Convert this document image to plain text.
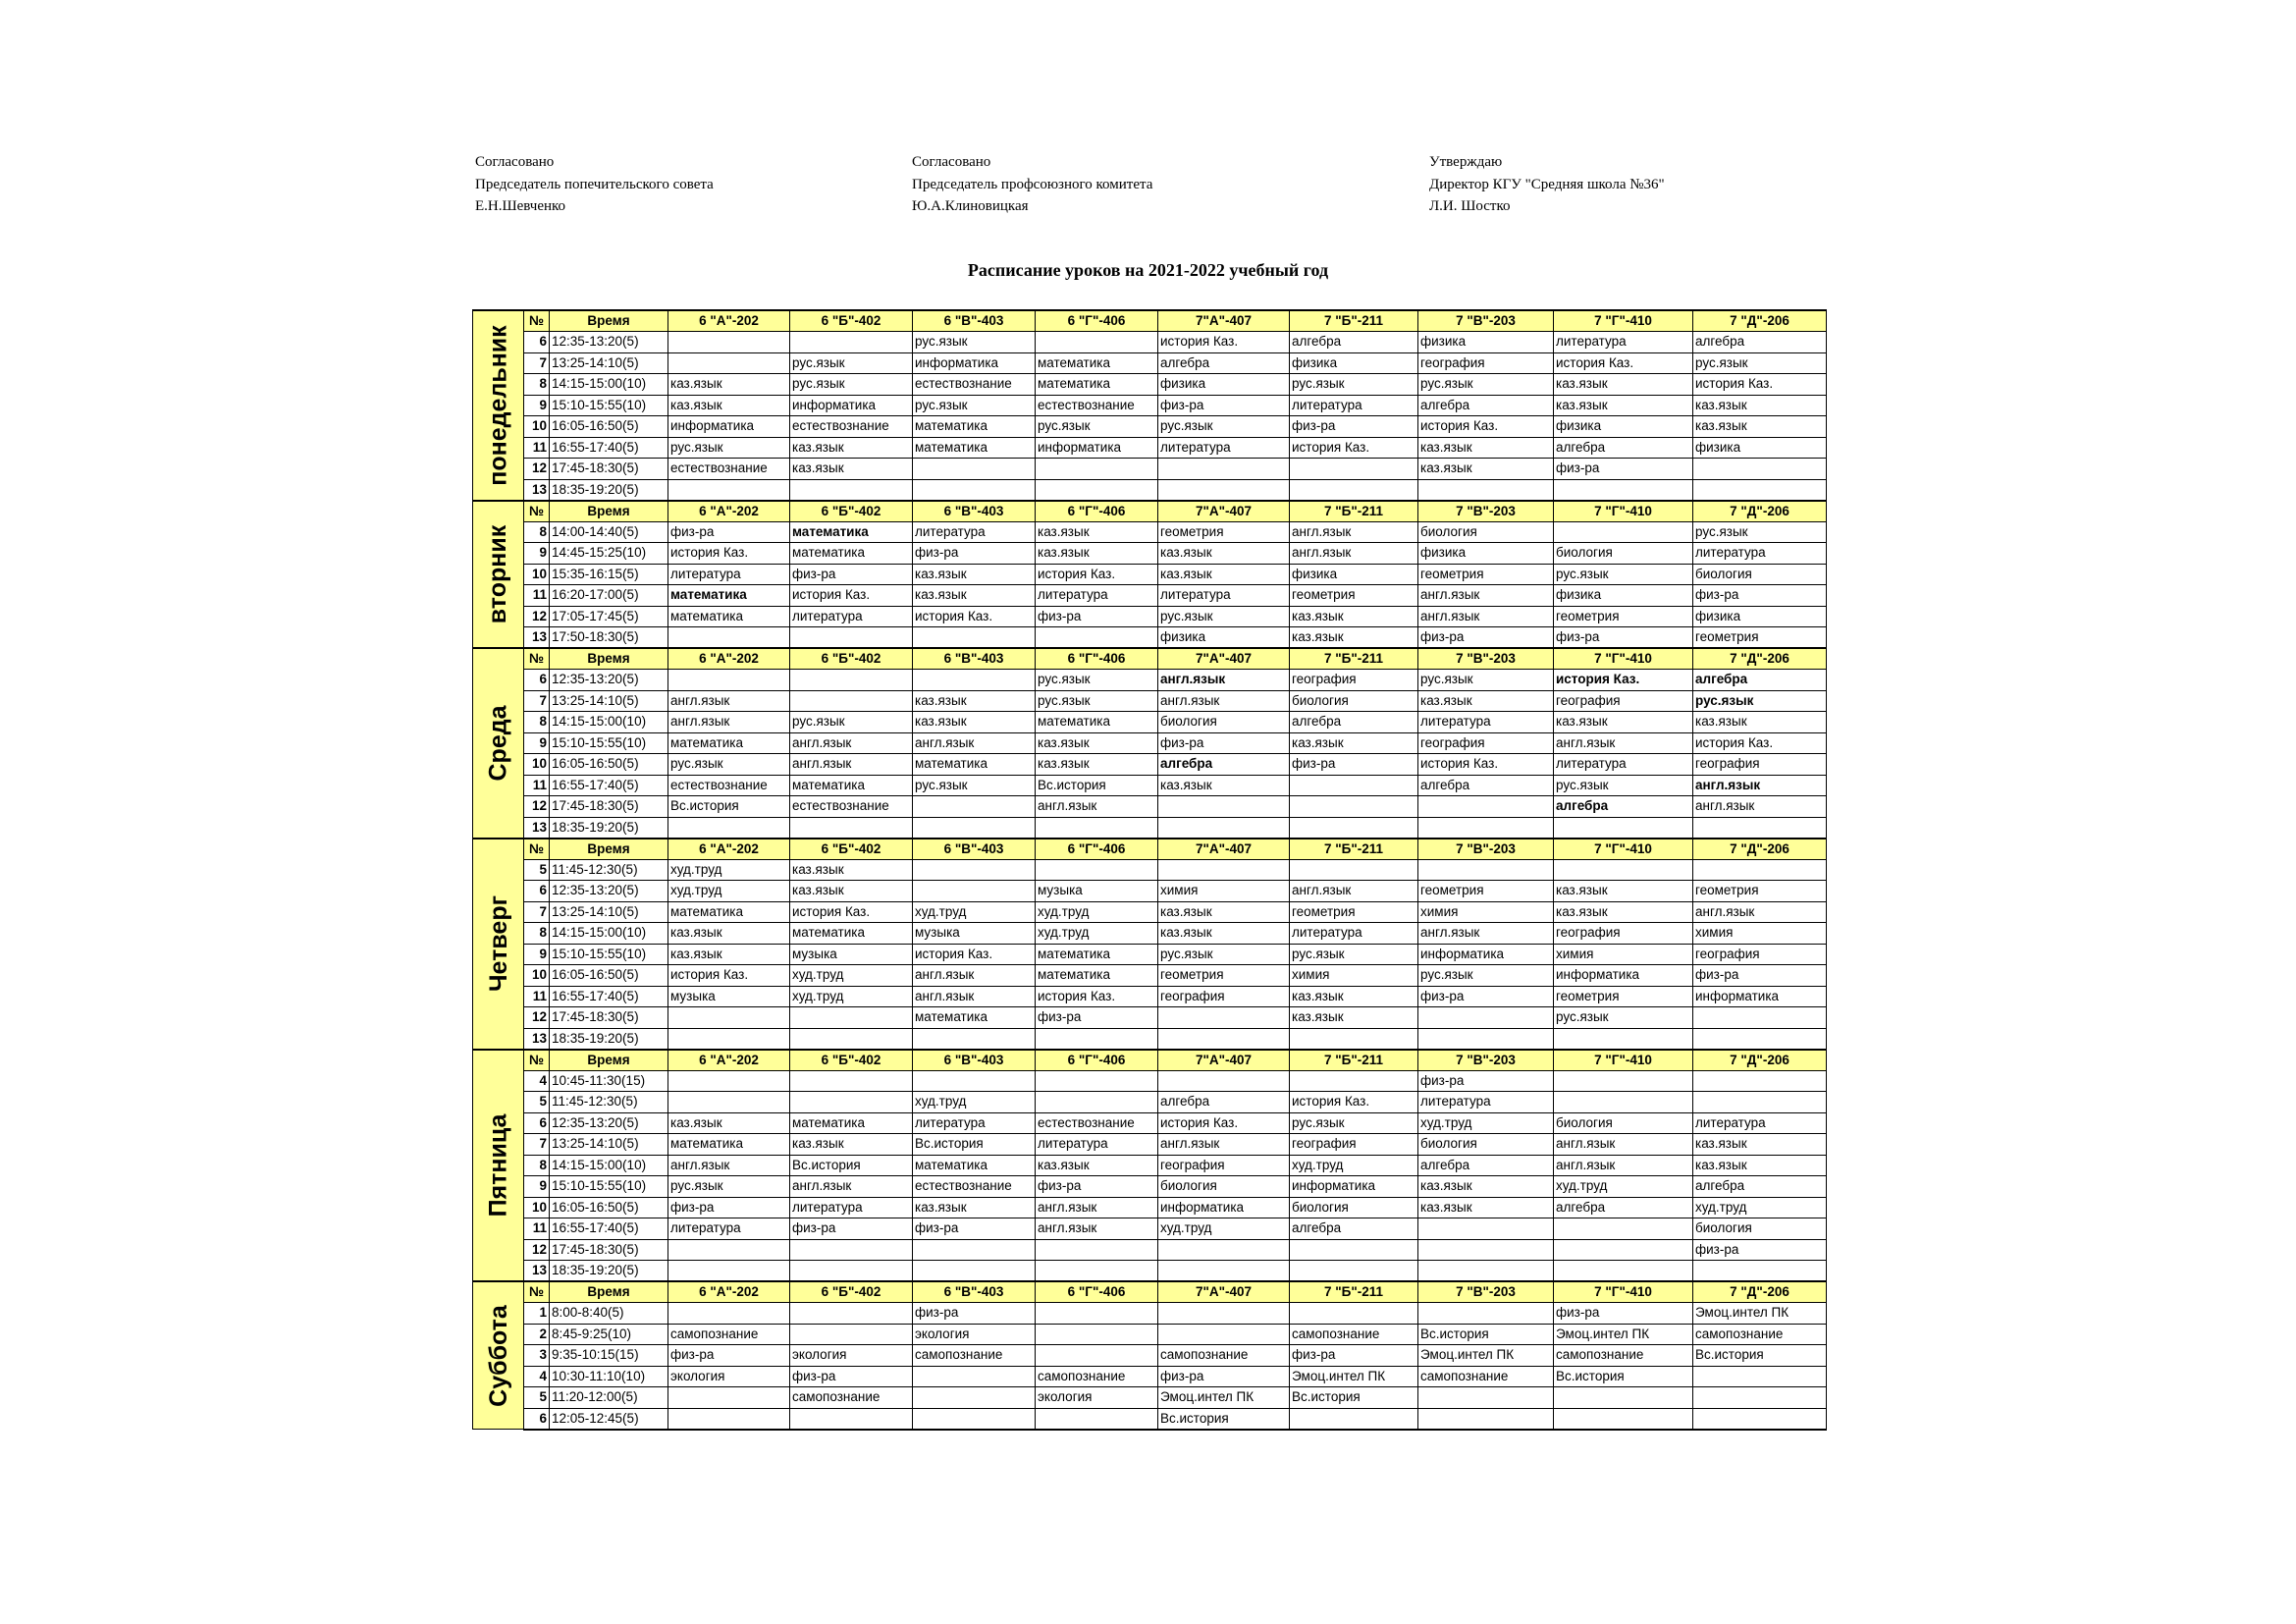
Согласовано
Председатель попечительского совета
Е.Н.Шевченко
Согласовано
Председатель профсоюзного комитета
Ю.А.Клиновицкая
Утверждаю
Директор КГУ "Средняя школа №36"
Л.И. Шостко
Расписание уроков на 2021-2022 учебный год
понедельник	№	Время	6 "А"-202	6 "Б"-402	6 "В"-403	6 "Г"-406	7"А"-407	7 "Б"-211	7 "В"-203	7 "Г"-410	7 "Д"-206
	6	12:35-13:20(5)			рус.язык		история Каз.	алгебра	физика	литература	алгебра
	7	13:25-14:10(5)		рус.язык	информатика	математика	алгебра	физика	география	история Каз.	рус.язык
	8	14:15-15:00(10)	каз.язык	рус.язык	естествознание	математика	физика	рус.язык	рус.язык	каз.язык	история Каз.
	9	15:10-15:55(10)	каз.язык	информатика	рус.язык	естествознание	физ-ра	литература	алгебра	каз.язык	каз.язык
	10	16:05-16:50(5)	информатика	естествознание	математика	рус.язык	рус.язык	физ-ра	история Каз.	физика	каз.язык
	11	16:55-17:40(5)	рус.язык	каз.язык	математика	информатика	литература	история Каз.	каз.язык	алгебра	физика
	12	17:45-18:30(5)	естествознание	каз.язык					каз.язык	физ-ра	
	13	18:35-19:20(5)									

вторник	№	Время	6 "А"-202	6 "Б"-402	6 "В"-403	6 "Г"-406	7"А"-407	7 "Б"-211	7 "В"-203	7 "Г"-410	7 "Д"-206
	8	14:00-14:40(5)	физ-ра	математика	литература	каз.язык	геометрия	англ.язык	биология		рус.язык
	9	14:45-15:25(10)	история Каз.	математика	физ-ра	каз.язык	каз.язык	англ.язык	физика	биология	литература
	10	15:35-16:15(5)	литература	физ-ра	каз.язык	история Каз.	каз.язык	физика	геометрия	рус.язык	биология
	11	16:20-17:00(5)	математика	история Каз.	каз.язык	литература	литература	геометрия	англ.язык	физика	физ-ра
	12	17:05-17:45(5)	математика	литература	история Каз.	физ-ра	рус.язык	каз.язык	англ.язык	геометрия	физика
	13	17:50-18:30(5)					физика	каз.язык	физ-ра	физ-ра	геометрия

Среда	№	Время	6 "А"-202	6 "Б"-402	6 "В"-403	6 "Г"-406	7"А"-407	7 "Б"-211	7 "В"-203	7 "Г"-410	7 "Д"-206
	6	12:35-13:20(5)				рус.язык	англ.язык	география	рус.язык	история Каз.	алгебра
	7	13:25-14:10(5)	англ.язык		каз.язык	рус.язык	англ.язык	биология	каз.язык	география	рус.язык
	8	14:15-15:00(10)	англ.язык	рус.язык	каз.язык	математика	биология	алгебра	литература	каз.язык	каз.язык
	9	15:10-15:55(10)	математика	англ.язык	англ.язык	каз.язык	физ-ра	каз.язык	география	англ.язык	история Каз.
	10	16:05-16:50(5)	рус.язык	англ.язык	математика	каз.язык	алгебра	физ-ра	история Каз.	литература	география
	11	16:55-17:40(5)	естествознание	математика	рус.язык	Вс.история	каз.язык		алгебра	рус.язык	англ.язык
	12	17:45-18:30(5)	Вс.история	естествознание		англ.язык				алгебра	англ.язык
	13	18:35-19:20(5)									

Четверг	№	Время	6 "А"-202	6 "Б"-402	6 "В"-403	6 "Г"-406	7"А"-407	7 "Б"-211	7 "В"-203	7 "Г"-410	7 "Д"-206
	5	11:45-12:30(5)	худ.труд	каз.язык							
	6	12:35-13:20(5)	худ.труд	каз.язык		музыка	химия	англ.язык	геометрия	каз.язык	геометрия
	7	13:25-14:10(5)	математика	история Каз.	худ.труд	худ.труд	каз.язык	геометрия	химия	каз.язык	англ.язык
	8	14:15-15:00(10)	каз.язык	математика	музыка	худ.труд	каз.язык	литература	англ.язык	география	химия
	9	15:10-15:55(10)	каз.язык	музыка	история Каз.	математика	рус.язык	рус.язык	информатика	химия	география
	10	16:05-16:50(5)	история Каз.	худ.труд	англ.язык	математика	геометрия	химия	рус.язык	информатика	физ-ра
	11	16:55-17:40(5)	музыка	худ.труд	англ.язык	история Каз.	география	каз.язык	физ-ра	геометрия	информатика
	12	17:45-18:30(5)			математика	физ-ра		каз.язык		рус.язык	
	13	18:35-19:20(5)									

Пятница	№	Время	6 "А"-202	6 "Б"-402	6 "В"-403	6 "Г"-406	7"А"-407	7 "Б"-211	7 "В"-203	7 "Г"-410	7 "Д"-206
	4	10:45-11:30(15)							физ-ра		
	5	11:45-12:30(5)			худ.труд		алгебра	история Каз.	литература		
	6	12:35-13:20(5)	каз.язык	математика	литература	естествознание	история Каз.	рус.язык	худ.труд	биология	литература
	7	13:25-14:10(5)	математика	каз.язык	Вс.история	литература	англ.язык	география	биология	англ.язык	каз.язык
	8	14:15-15:00(10)	англ.язык	Вс.история	математика	каз.язык	география	худ.труд	алгебра	англ.язык	каз.язык
	9	15:10-15:55(10)	рус.язык	англ.язык	естествознание	физ-ра	биология	информатика	каз.язык	худ.труд	алгебра
	10	16:05-16:50(5)	физ-ра	литература	каз.язык	англ.язык	информатика	биология	каз.язык	алгебра	худ.труд
	11	16:55-17:40(5)	литература	физ-ра	физ-ра	англ.язык	худ.труд	алгебра			биология
	12	17:45-18:30(5)									физ-ра
	13	18:35-19:20(5)									

Суббота	№	Время	6 "А"-202	6 "Б"-402	6 "В"-403	6 "Г"-406	7"А"-407	7 "Б"-211	7 "В"-203	7 "Г"-410	7 "Д"-206
	1	8:00-8:40(5)			физ-ра					физ-ра	Эмоц.интел ПК
	2	8:45-9:25(10)	самопознание		экология			самопознание	Вс.история	Эмоц.интел ПК	самопознание
	3	9:35-10:15(15)	физ-ра	экология	самопознание		самопознание	физ-ра	Эмоц.интел ПК	самопознание	Вс.история
	4	10:30-11:10(10)	экология	физ-ра		самопознание	физ-ра	Эмоц.интел ПК	самопознание	Вс.история	
	5	11:20-12:00(5)		самопознание		экология	Эмоц.интел ПК	Вс.история			
	6	12:05-12:45(5)					Вс.история				
